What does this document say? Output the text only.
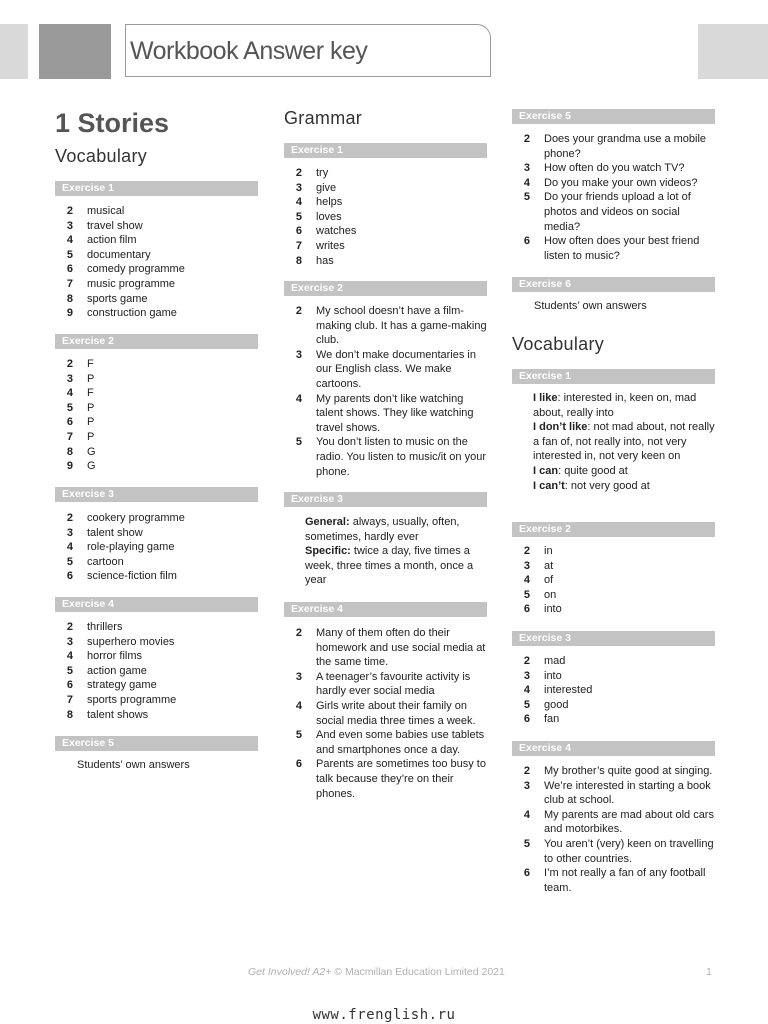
Workbook Answer key
1 Stories
Vocabulary
Exercise 1
2	musical
3	travel show
4	action film
5	documentary
6	comedy programme
7	music programme
8	sports game
9	construction game
Exercise 2
2	F
3	P
4	F
5	P
6	P
7	P
8	G
9	G
Exercise 3
2	cookery programme
3	talent show
4	role-playing game
5	cartoon
6	science-fiction film
Exercise 4
2	thrillers
3	superhero movies
4	horror films
5	action game
6	strategy game
7	sports programme
8	talent shows
Exercise 5
Students’ own answers
Grammar
Exercise 1
2	try
3	give
4	helps
5	loves
6	watches
7	writes
8	has
Exercise 2
2	My school doesn’t have a film-making club. It has a game-making club.
3	We don’t make documentaries in our English class. We make cartoons.
4	My parents don’t like watching talent shows. They like watching travel shows.
5	You don’t listen to music on the radio. You listen to music/it on your phone.
Exercise 3
General: always, usually, often, sometimes, hardly ever
Specific: twice a day, five times a week, three times a month, once a year
Exercise 4
2	Many of them often do their homework and use social media at the same time.
3	A teenager’s favourite activity is hardly ever social media
4	Girls write about their family on social media three times a week.
5	And even some babies use tablets and smartphones once a day.
6	Parents are sometimes too busy to talk because they’re on their phones.
Exercise 5
2	Does your grandma use a mobile phone?
3	How often do you watch TV?
4	Do you make your own videos?
5	Do your friends upload a lot of photos and videos on social media?
6	How often does your best friend listen to music?
Exercise 6
Students’ own answers
Vocabulary
Exercise 1
I like: interested in, keen on, mad about, really into
I don’t like: not mad about, not really a fan of, not really into, not very interested in, not very keen on
I can: quite good at
I can’t: not very good at
Exercise 2
2	in
3	at
4	of
5	on
6	into
Exercise 3
2	mad
3	into
4	interested
5	good
6	fan
Exercise 4
2	My brother’s quite good at singing.
3	We’re interested in starting a book club at school.
4	My parents are mad about old cars and motorbikes.
5	You aren’t (very) keen on travelling to other countries.
6	I’m not really a fan of any football team.
Get Involved! A2+ © Macmillan Education Limited 2021	1
www.frenglish.ru
